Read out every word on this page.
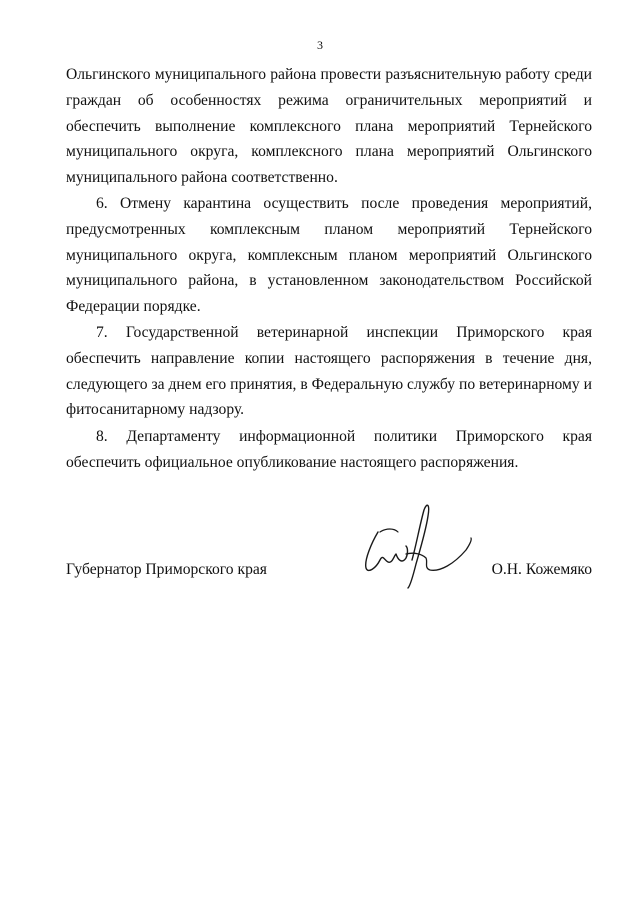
3

Ольгинского муниципального района провести разъяснительную работу среди граждан об особенностях режима ограничительных мероприятий и обеспечить выполнение комплексного плана мероприятий Тернейского муниципального округа, комплексного плана мероприятий Ольгинского муниципального района соответственно.

6. Отмену карантина осуществить после проведения мероприятий, предусмотренных комплексным планом мероприятий Тернейского муниципального округа, комплексным планом мероприятий Ольгинского муниципального района, в установленном законодательством Российской Федерации порядке.

7. Государственной ветеринарной инспекции Приморского края обеспечить направление копии настоящего распоряжения в течение дня, следующего за днем его принятия, в Федеральную службу по ветеринарному и фитосанитарному надзору.

8. Департаменту информационной политики Приморского края обеспечить официальное опубликование настоящего распоряжения.

Губернатор Приморского края	О.Н. Кожемяко
